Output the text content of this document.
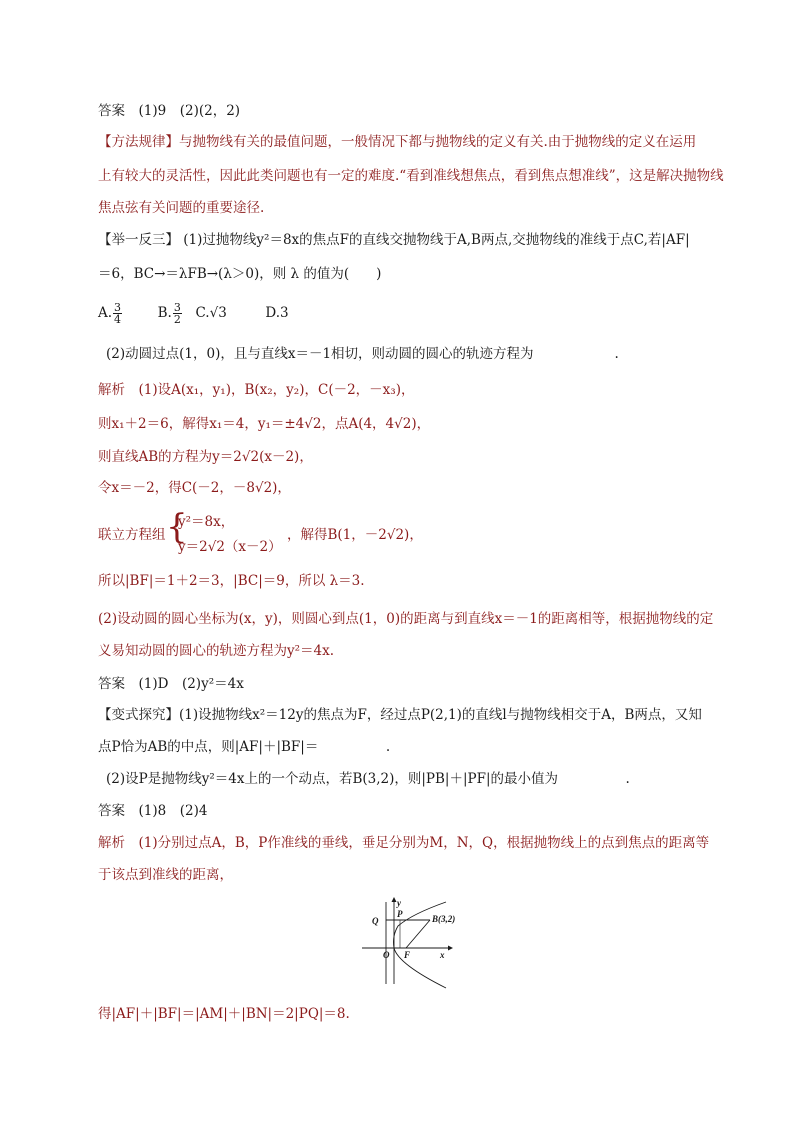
答案　(1)9　(2)(2，2)
【方法规律】与抛物线有关的最值问题，一般情况下都与抛物线的定义有关.由于抛物线的定义在运用
上有较大的灵活性，因此此类问题也有一定的难度.“看到准线想焦点，看到焦点想准线”，这是解决抛物线
焦点弦有关问题的重要途径.
【举一反三】 (1)过抛物线y²＝8x的焦点F的直线交抛物线于A,B两点,交抛物线的准线于点C,若|AF|
＝6，BC→＝λFB→(λ＞0)，则 λ 的值为(　　)
A. $\frac{3}{4}$	B. $\frac{3}{2} C.√3$	D.3
(2)动圆过点(1，0)，且与直线x＝－1相切，则动圆的圆心的轨迹方程为　　　　　　.
解析　(1)设A(x₁，y₁)，B(x₂，y₂)，C(－2，－x₃)，
则x₁＋2＝6，解得x₁＝4，y₁＝±4√2，点A(4，4√2)，
则直线AB的方程为y＝2√2(x－2)，
令x＝－2，得C(－2，－8√2)，
联立方程组 {
y²＝8x，
y＝2√2（x－2）
，解得B(1，－2√2)，
所以|BF|＝1＋2＝3，|BC|＝9，所以 λ＝3.
(2)设动圆的圆心坐标为(x，y)，则圆心到点(1，0)的距离与到直线x＝－1的距离相等，根据抛物线的定
义易知动圆的圆心的轨迹方程为y²＝4x.
答案　(1)D　(2)y²＝4x
【变式探究】(1)设抛物线x²＝12y的焦点为F，经过点P(2,1)的直线l与抛物线相交于A，B两点，又知
点P恰为AB的中点，则|AF|＋|BF|＝　　　　　.
(2)设P是抛物线y²＝4x上的一个动点，若B(3,2)，则|PB|＋|PF|的最小值为　　　　　.
答案　(1)8　(2)4
解析　(1)分别过点A，B，P作准线的垂线，垂足分别为M，N，Q，根据抛物线上的点到焦点的距离等
于该点到准线的距离，
y
x
O
Q
P	B(3,2)
F
得|AF|＋|BF|＝|AM|＋|BN|＝2|PQ|＝8.
